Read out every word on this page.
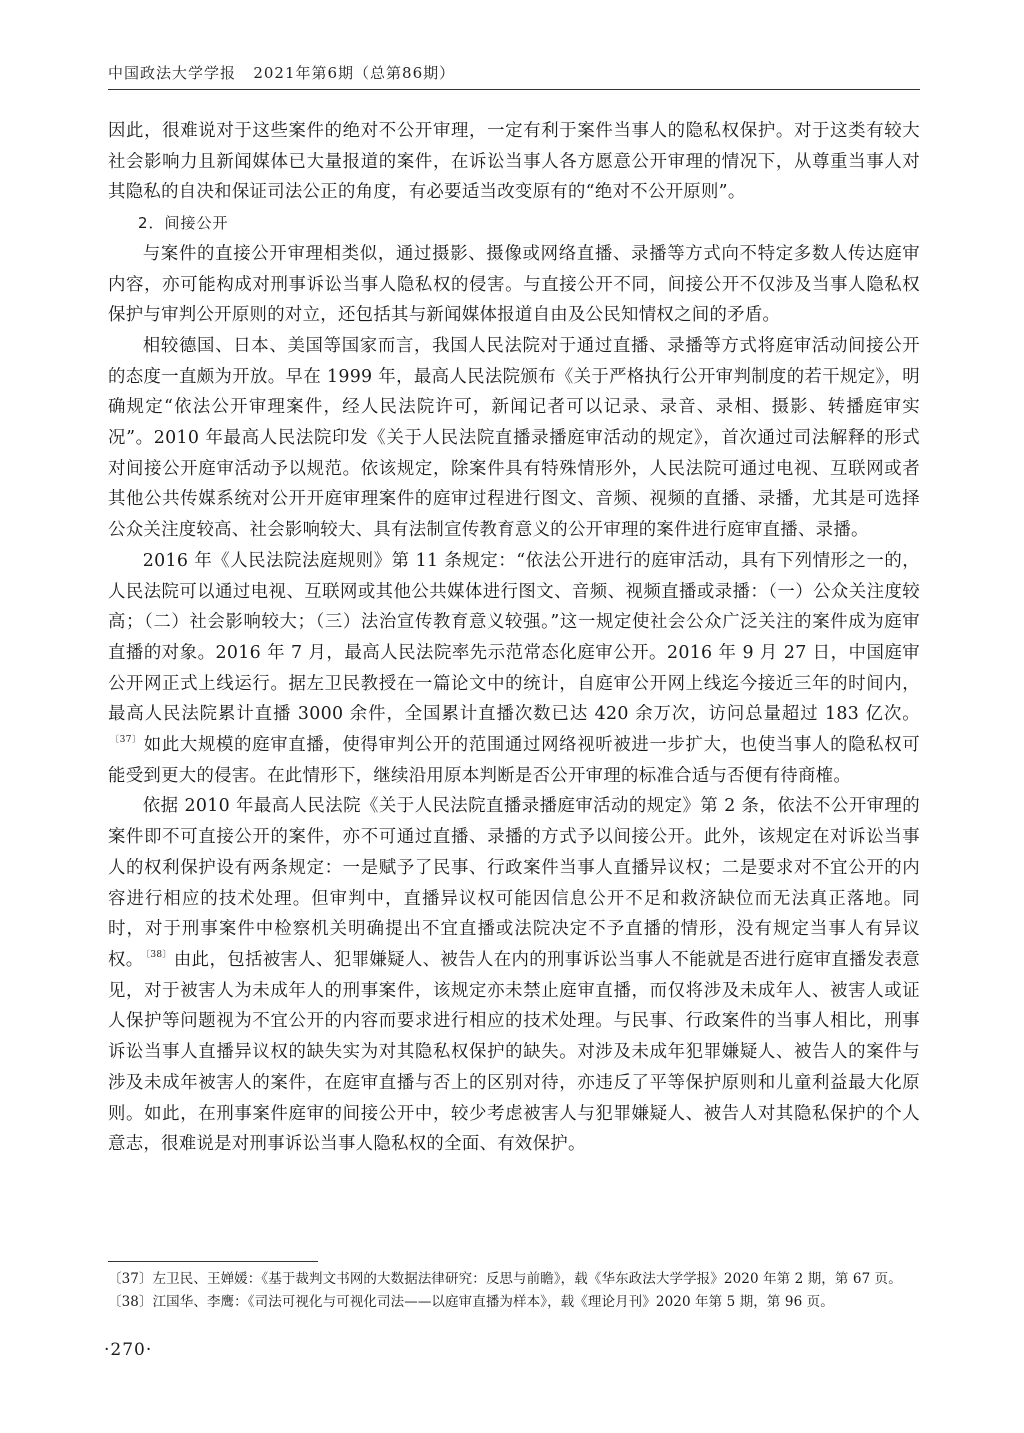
中国政法大学学报 2021年第6期（总第86期）

因此，很难说对于这些案件的绝对不公开审理，一定有利于案件当事人的隐私权保护。对于这类有较大社会影响力且新闻媒体已大量报道的案件，在诉讼当事人各方愿意公开审理的情况下，从尊重当事人对其隐私的自决和保证司法公正的角度，有必要适当改变原有的“绝对不公开原则”。

2．间接公开

与案件的直接公开审理相类似，通过摄影、摄像或网络直播、录播等方式向不特定多数人传达庭审内容，亦可能构成对刑事诉讼当事人隐私权的侵害。与直接公开不同，间接公开不仅涉及当事人隐私权保护与审判公开原则的对立，还包括其与新闻媒体报道自由及公民知情权之间的矛盾。

相较德国、日本、美国等国家而言，我国人民法院对于通过直播、录播等方式将庭审活动间接公开的态度一直颇为开放。早在 1999 年，最高人民法院颁布《关于严格执行公开审判制度的若干规定》，明确规定“依法公开审理案件，经人民法院许可，新闻记者可以记录、录音、录相、摄影、转播庭审实况”。2010 年最高人民法院印发《关于人民法院直播录播庭审活动的规定》，首次通过司法解释的形式对间接公开庭审活动予以规范。依该规定，除案件具有特殊情形外，人民法院可通过电视、互联网或者其他公共传媒系统对公开开庭审理案件的庭审过程进行图文、音频、视频的直播、录播，尤其是可选择公众关注度较高、社会影响较大、具有法制宣传教育意义的公开审理的案件进行庭审直播、录播。

2016 年《人民法院法庭规则》第 11 条规定：“依法公开进行的庭审活动，具有下列情形之一的，人民法院可以通过电视、互联网或其他公共媒体进行图文、音频、视频直播或录播：（一）公众关注度较高；（二）社会影响较大；（三）法治宣传教育意义较强。”这一规定使社会公众广泛关注的案件成为庭审直播的对象。2016 年 7 月，最高人民法院率先示范常态化庭审公开。2016 年 9 月 27 日，中国庭审公开网正式上线运行。据左卫民教授在一篇论文中的统计，自庭审公开网上线迄今接近三年的时间内，最高人民法院累计直播 3000 余件，全国累计直播次数已达 420 余万次，访问总量超过 183 亿次。$^{〔37〕}$ 如此大规模的庭审直播，使得审判公开的范围通过网络视听被进一步扩大，也使当事人的隐私权可能受到更大的侵害。在此情形下，继续沿用原本判断是否公开审理的标准合适与否便有待商榷。

依据 2010 年最高人民法院《关于人民法院直播录播庭审活动的规定》第 2 条，依法不公开审理的案件即不可直接公开的案件，亦不可通过直播、录播的方式予以间接公开。此外，该规定在对诉讼当事人的权利保护设有两条规定：一是赋予了民事、行政案件当事人直播异议权；二是要求对不宜公开的内容进行相应的技术处理。但审判中，直播异议权可能因信息公开不足和救济缺位而无法真正落地。同时，对于刑事案件中检察机关明确提出不宜直播或法院决定不予直播的情形，没有规定当事人有异议权。 $^{〔38〕}$ 由此，包括被害人、犯罪嫌疑人、被告人在内的刑事诉讼当事人不能就是否进行庭审直播发表意见，对于被害人为未成年人的刑事案件，该规定亦未禁止庭审直播，而仅将涉及未成年人、被害人或证人保护等问题视为不宜公开的内容而要求进行相应的技术处理。与民事、行政案件的当事人相比，刑事诉讼当事人直播异议权的缺失实为对其隐私权保护的缺失。对涉及未成年犯罪嫌疑人、被告人的案件与涉及未成年被害人的案件，在庭审直播与否上的区别对待，亦违反了平等保护原则和儿童利益最大化原则。如此，在刑事案件庭审的间接公开中，较少考虑被害人与犯罪嫌疑人、被告人对其隐私保护的个人意志，很难说是对刑事诉讼当事人隐私权的全面、有效保护。

〔37〕左卫民、王婵媛：《基于裁判文书网的大数据法律研究：反思与前瞻》，载《华东政法大学学报》2020 年第 2 期，第 67 页。
〔38〕江国华、李鹰：《司法可视化与可视化司法——以庭审直播为样本》，载《理论月刊》2020 年第 5 期，第 96 页。
·270·
